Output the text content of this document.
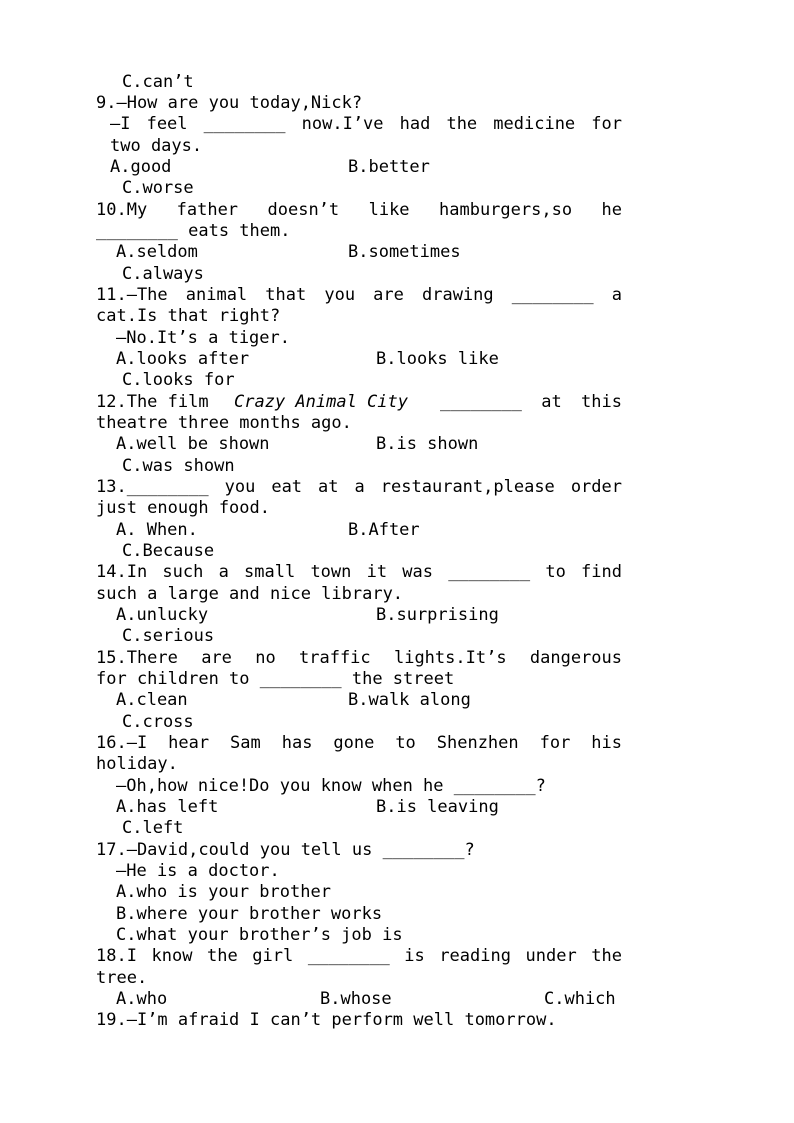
C.can’t
9.—How are you today,Nick?
—I feel ________ now.I’ve had the medicine for
two days.
A.good	B.better
C.worse
10.My father doesn’t like hamburgers,so he
________ eats them.
A.seldom	B.sometimes
C.always
11.—The animal that you are drawing ________ a
cat.Is that right?
—No.It’s a tiger.
A.looks after	B.looks like
C.looks for
12.The film Crazy Animal City ________ at this
theatre three months ago.
A.well be shown	B.is shown
C.was shown
13.________ you eat at a restaurant,please order
just enough food.
A. When.	B.After
C.Because
14.In such a small town it was ________ to find
such a large and nice library.
A.unlucky	B.surprising
C.serious
15.There are no traffic lights.It’s dangerous
for children to ________ the street
A.clean	B.walk along
C.cross
16.—I hear Sam has gone to Shenzhen for his
holiday.
—Oh,how nice!Do you know when he ________?
A.has left	B.is leaving
C.left
17.—David,could you tell us ________?
—He is a doctor.
A.who is your brother
B.where your brother works
C.what your brother’s job is
18.I know the girl ________ is reading under the
tree.
A.who	B.whose	C.which
19.—I’m afraid I can’t perform well tomorrow.
